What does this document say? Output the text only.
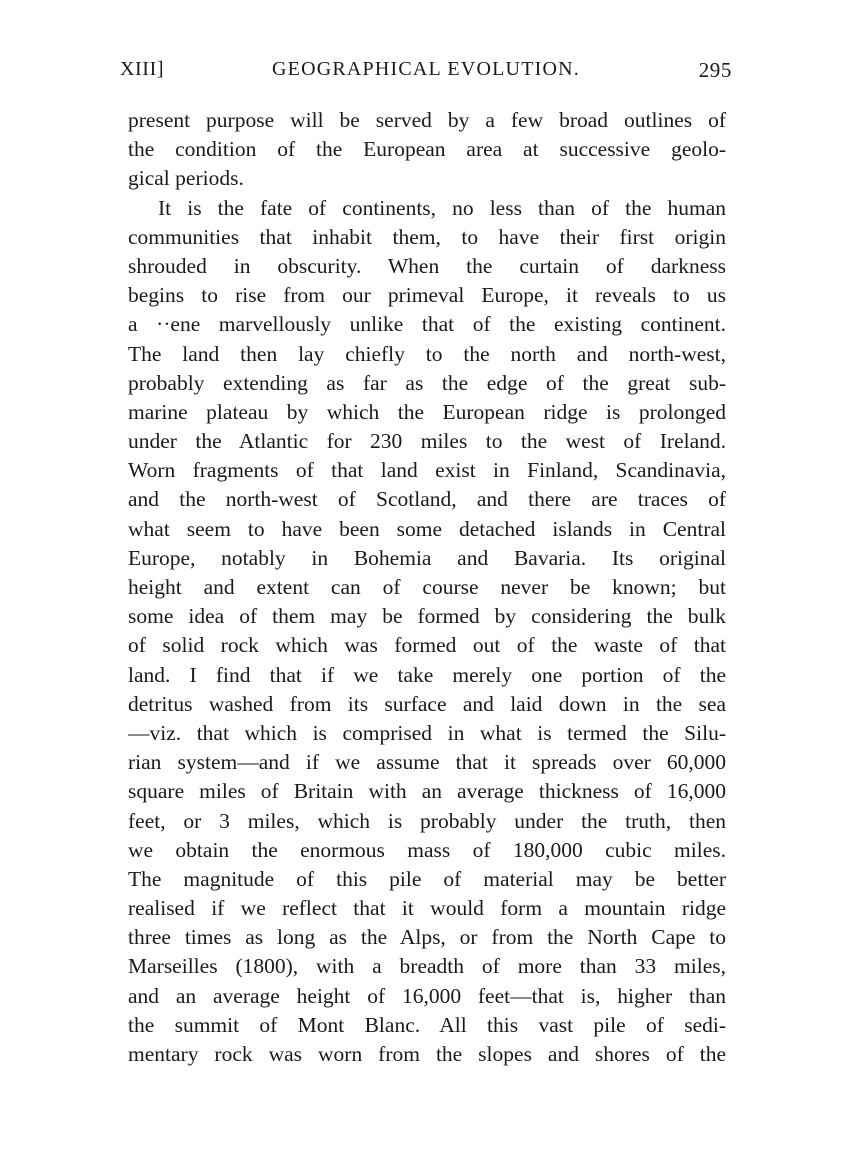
XIII]	GEOGRAPHICAL EVOLUTION.	295
present purpose will be served by a few broad outlines of
the condition of the European area at successive geolo-
gical periods.
It is the fate of continents, no less than of the human
communities that inhabit them, to have their first origin
shrouded in obscurity. When the curtain of darkness
begins to rise from our primeval Europe, it reveals to us
a ··ene marvellously unlike that of the existing continent.
The land then lay chiefly to the north and north-west,
probably extending as far as the edge of the great sub-
marine plateau by which the European ridge is prolonged
under the Atlantic for 230 miles to the west of Ireland.
Worn fragments of that land exist in Finland, Scandinavia,
and the north-west of Scotland, and there are traces of
what seem to have been some detached islands in Central
Europe, notably in Bohemia and Bavaria. Its original
height and extent can of course never be known; but
some idea of them may be formed by considering the bulk
of solid rock which was formed out of the waste of that
land. I find that if we take merely one portion of the
detritus washed from its surface and laid down in the sea
—viz. that which is comprised in what is termed the Silu-
rian system—and if we assume that it spreads over 60,000
square miles of Britain with an average thickness of 16,000
feet, or 3 miles, which is probably under the truth, then
we obtain the enormous mass of 180,000 cubic miles.
The magnitude of this pile of material may be better
realised if we reflect that it would form a mountain ridge
three times as long as the Alps, or from the North Cape to
Marseilles (1800), with a breadth of more than 33 miles,
and an average height of 16,000 feet—that is, higher than
the summit of Mont Blanc. All this vast pile of sedi-
mentary rock was worn from the slopes and shores of the
